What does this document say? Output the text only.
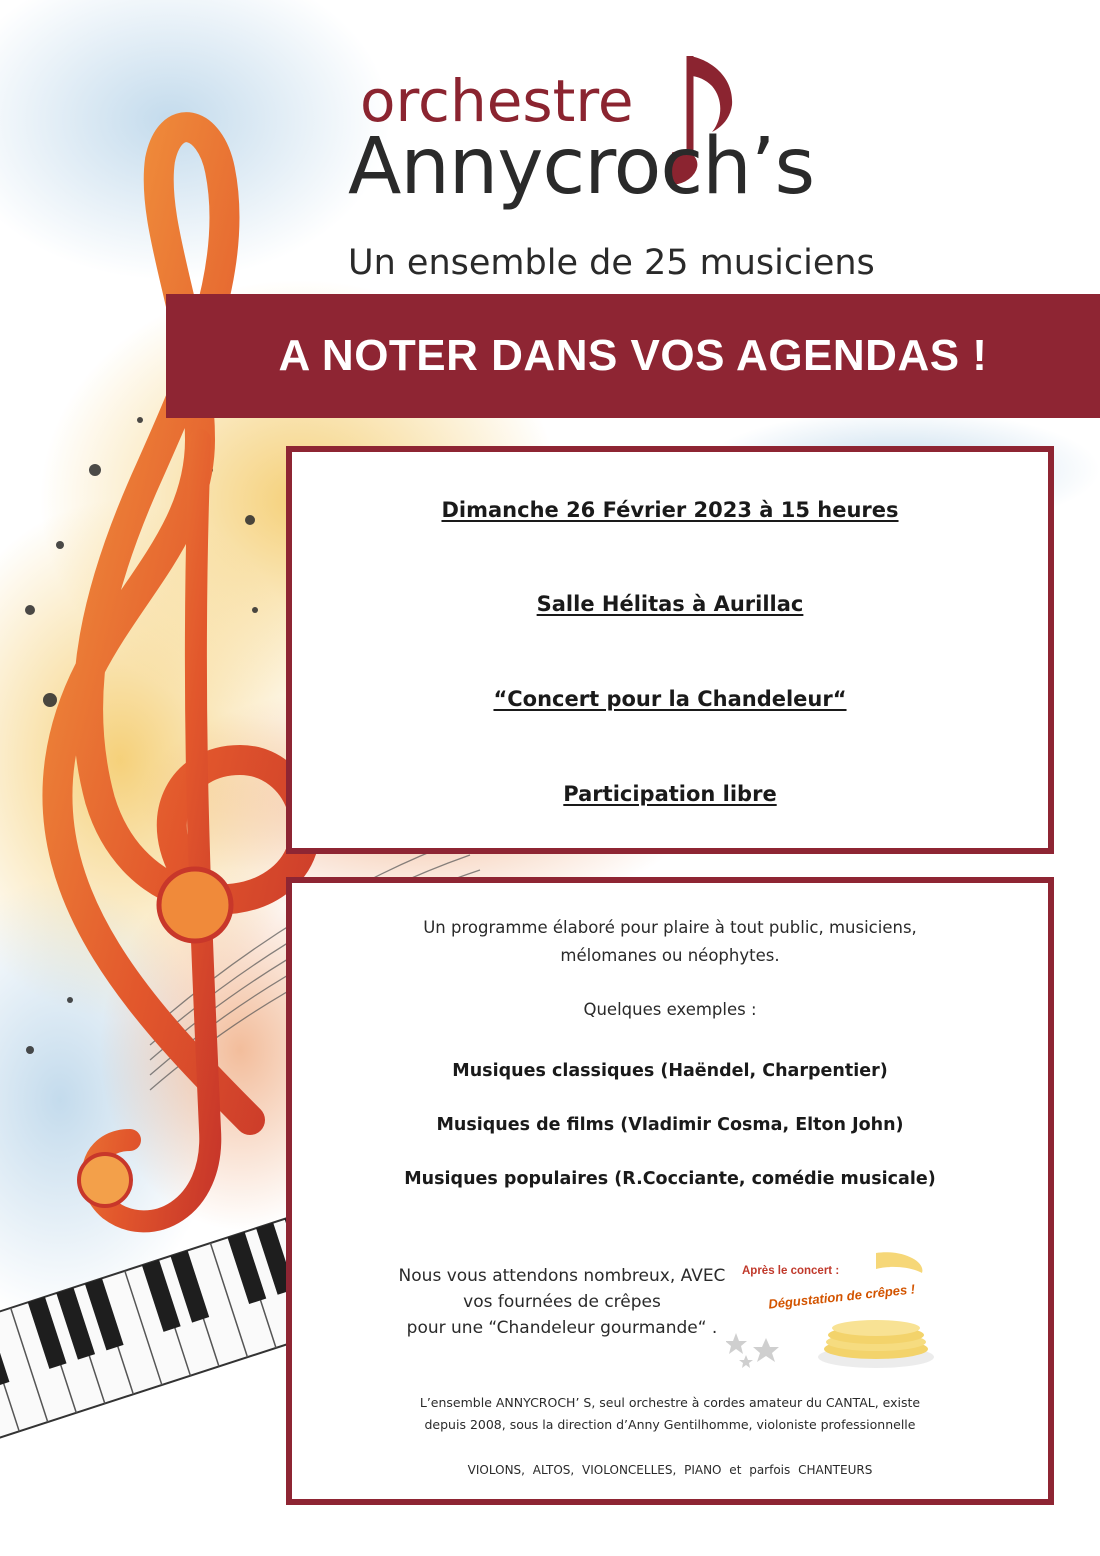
orchestre
Annycroch’s
Un ensemble de 25 musiciens
A NOTER DANS VOS AGENDAS !
Dimanche 26 Février 2023 à 15 heures
Salle Hélitas à Aurillac
“Concert pour la Chandeleur“
Participation libre
Un programme élaboré pour plaire à tout public, musiciens,
mélomanes ou néophytes.
Quelques exemples :
Musiques classiques (Haëndel, Charpentier)
Musiques de films (Vladimir Cosma, Elton John)
Musiques populaires (R.Cocciante, comédie musicale)
Nous vous attendons nombreux, AVEC
vos fournées de crêpes
pour une “Chandeleur gourmande“ .
Après le concert :
Dégustation de crêpes !
L’ensemble ANNYCROCH’ S, seul orchestre à cordes amateur du CANTAL, existe
depuis 2008, sous la direction d’Anny Gentilhomme, violoniste professionnelle
VIOLONS, ALTOS, VIOLONCELLES, PIANO et parfois CHANTEURS
